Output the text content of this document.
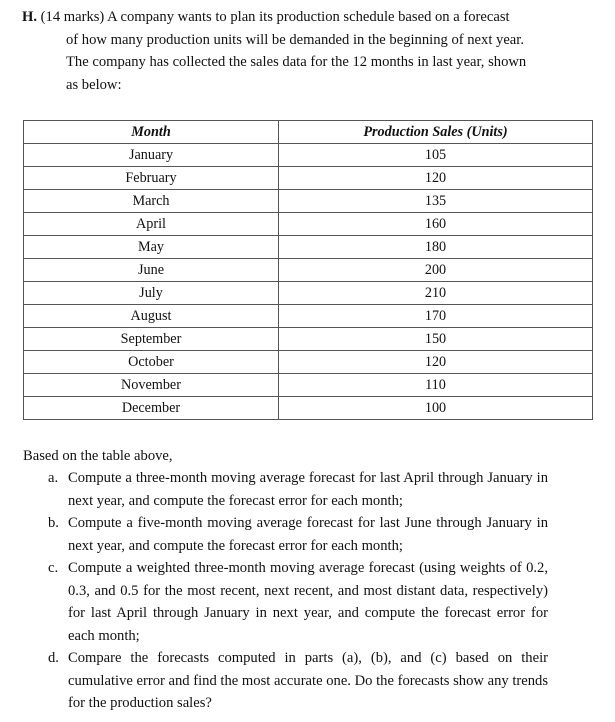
H. (14 marks) A company wants to plan its production schedule based on a forecast
of how many production units will be demanded in the beginning of next year.
The company has collected the sales data for the 12 months in last year, shown
as below:
Month	Production Sales (Units)
January	105
February	120
March	135
April	160
May	180
June	200
July	210
August	170
September	150
October	120
November	110
December	100
Based on the table above,
a. Compute a three-month moving average forecast for last April through January in next year, and compute the forecast error for each month;
b. Compute a five-month moving average forecast for last June through January in next year, and compute the forecast error for each month;
c. Compute a weighted three-month moving average forecast (using weights of 0.2, 0.3, and 0.5 for the most recent, next recent, and most distant data, respectively) for last April through January in next year, and compute the forecast error for each month;
d. Compare the forecasts computed in parts (a), (b), and (c) based on their cumulative error and find the most accurate one. Do the forecasts show any trends for the production sales?
